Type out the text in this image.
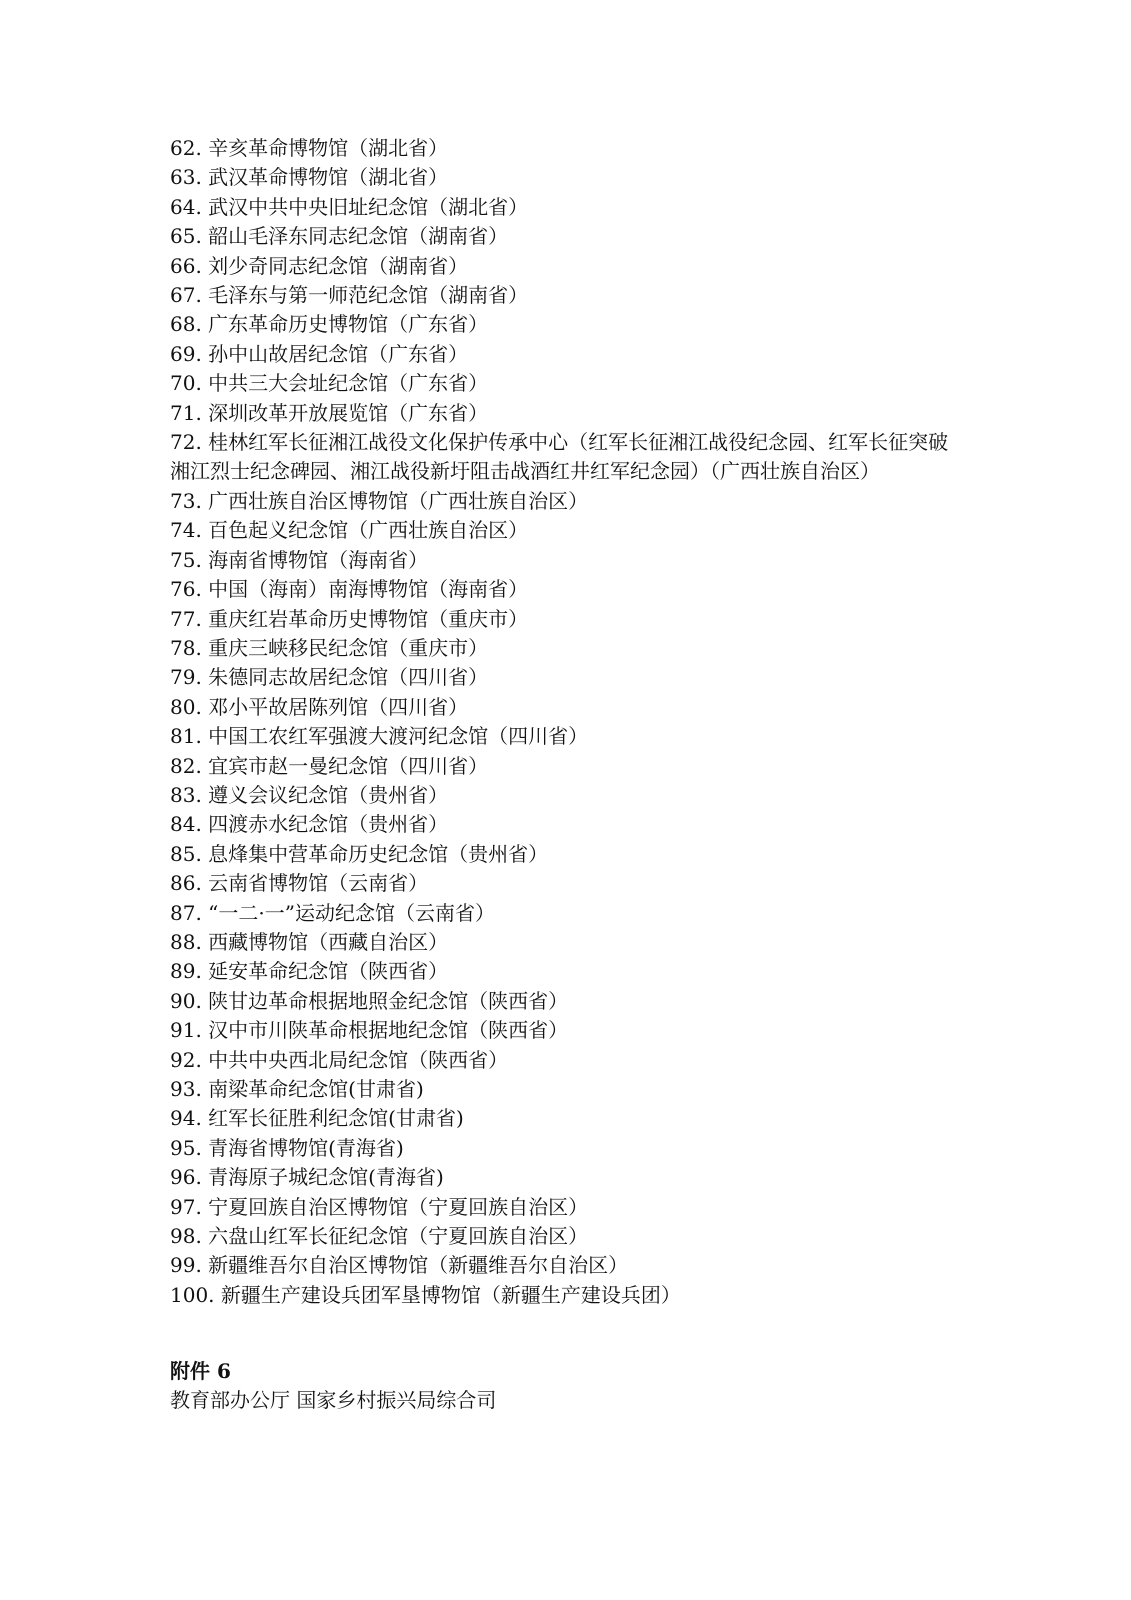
62. 辛亥革命博物馆（湖北省）
63. 武汉革命博物馆（湖北省）
64. 武汉中共中央旧址纪念馆（湖北省）
65. 韶山毛泽东同志纪念馆（湖南省）
66. 刘少奇同志纪念馆（湖南省）
67. 毛泽东与第一师范纪念馆（湖南省）
68. 广东革命历史博物馆（广东省）
69. 孙中山故居纪念馆（广东省）
70. 中共三大会址纪念馆（广东省）
71. 深圳改革开放展览馆（广东省）
72. 桂林红军长征湘江战役文化保护传承中心（红军长征湘江战役纪念园、红军长征突破湘江烈士纪念碑园、湘江战役新圩阻击战酒红井红军纪念园）（广西壮族自治区）
73. 广西壮族自治区博物馆（广西壮族自治区）
74. 百色起义纪念馆（广西壮族自治区）
75. 海南省博物馆（海南省）
76. 中国（海南）南海博物馆（海南省）
77. 重庆红岩革命历史博物馆（重庆市）
78. 重庆三峡移民纪念馆（重庆市）
79. 朱德同志故居纪念馆（四川省）
80. 邓小平故居陈列馆（四川省）
81. 中国工农红军强渡大渡河纪念馆（四川省）
82. 宜宾市赵一曼纪念馆（四川省）
83. 遵义会议纪念馆（贵州省）
84. 四渡赤水纪念馆（贵州省）
85. 息烽集中营革命历史纪念馆（贵州省）
86. 云南省博物馆（云南省）
87. “一二·一”运动纪念馆（云南省）
88. 西藏博物馆（西藏自治区）
89. 延安革命纪念馆（陕西省）
90. 陕甘边革命根据地照金纪念馆（陕西省）
91. 汉中市川陕革命根据地纪念馆（陕西省）
92. 中共中央西北局纪念馆（陕西省）
93. 南梁革命纪念馆(甘肃省)
94. 红军长征胜利纪念馆(甘肃省)
95. 青海省博物馆(青海省)
96. 青海原子城纪念馆(青海省)
97. 宁夏回族自治区博物馆（宁夏回族自治区）
98. 六盘山红军长征纪念馆（宁夏回族自治区）
99. 新疆维吾尔自治区博物馆（新疆维吾尔自治区）
100. 新疆生产建设兵团军垦博物馆（新疆生产建设兵团）
附件 6
教育部办公厅 国家乡村振兴局综合司
